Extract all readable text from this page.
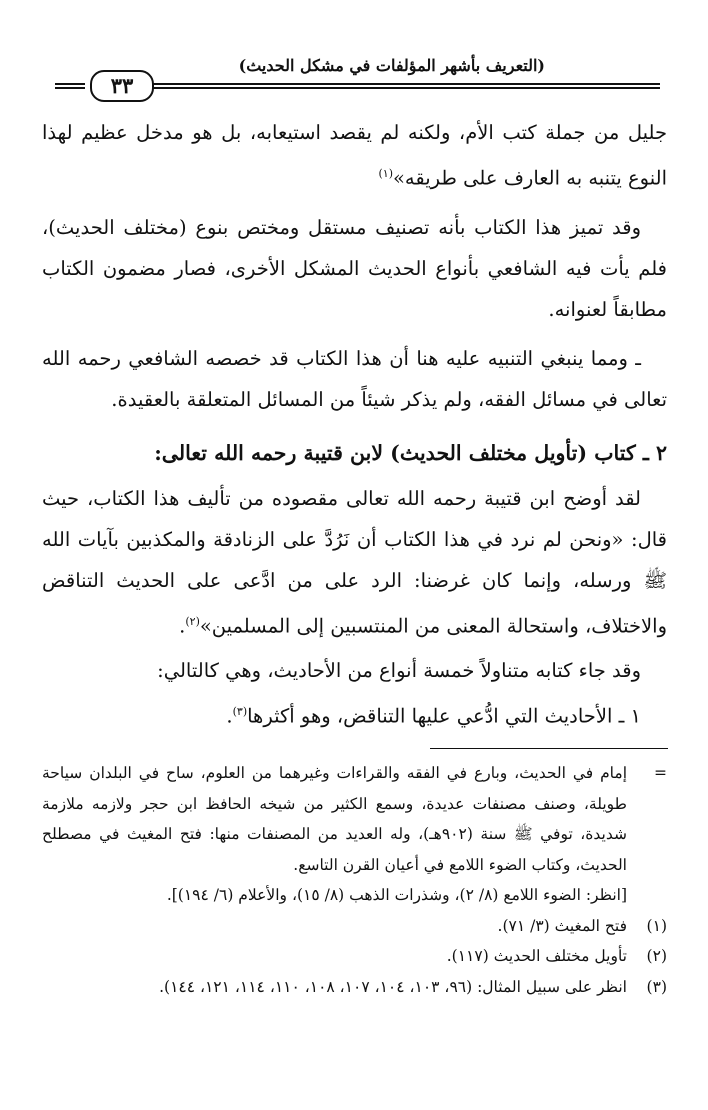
(التعريف بأشهر المؤلفات في مشكل الحديث)
٣٣

جليل من جملة كتب الأم، ولكنه لم يقصد استيعابه، بل هو مدخل عظيم لهذا النوع يتنبه به العارف على طريقه»$^{(١)}$

وقد تميز هذا الكتاب بأنه تصنيف مستقل ومختص بنوع (مختلف الحديث)، فلم يأت فيه الشافعي بأنواع الحديث المشكل الأخرى، فصار مضمون الكتاب مطابقاً لعنوانه.

ـ ومما ينبغي التنبيه عليه هنا أن هذا الكتاب قد خصصه الشافعي رحمه الله تعالى في مسائل الفقه، ولم يذكر شيئاً من المسائل المتعلقة بالعقيدة.

٢ ـ كتاب (تأويل مختلف الحديث) لابن قتيبة رحمه الله تعالى:

لقد أوضح ابن قتيبة رحمه الله تعالى مقصوده من تأليف هذا الكتاب، حيث قال: «ونحن لم نرد في هذا الكتاب أن نَرُدَّ على الزنادقة والمكذبين بآيات الله ﷺ ورسله، وإنما كان غرضنا: الرد على من ادَّعى على الحديث التناقض والاختلاف، واستحالة المعنى من المنتسبين إلى المسلمين»$^{(٢)}$.

وقد جاء كتابه متناولاً خمسة أنواع من الأحاديث، وهي كالتالي:

١ ـ الأحاديث التي ادُّعي عليها التناقض، وهو أكثرها$^{(٣)}$.

=
إمام في الحديث، وبارع في الفقه والقراءات وغيرهما من العلوم، ساح في البلدان سياحة طويلة، وصنف مصنفات عديدة، وسمع الكثير من شيخه الحافظ ابن حجر ولازمه ملازمة شديدة، توفي ﷺ سنة (٩٠٢هـ)، وله العديد من المصنفات منها: فتح المغيث في مصطلح الحديث، وكتاب الضوء اللامع في أعيان القرن التاسع.
[انظر: الضوء اللامع (٨/ ٢)، وشذرات الذهب (٨/ ١٥)، والأعلام (٦/ ١٩٤)].
(١)
فتح المغيث (٣/ ٧١).
(٢)
تأويل مختلف الحديث (١١٧).
(٣)
انظر على سبيل المثال: (٩٦، ١٠٣، ١٠٤، ١٠٧، ١٠٨، ١١٠، ١١٤، ١٢١، ١٤٤).
